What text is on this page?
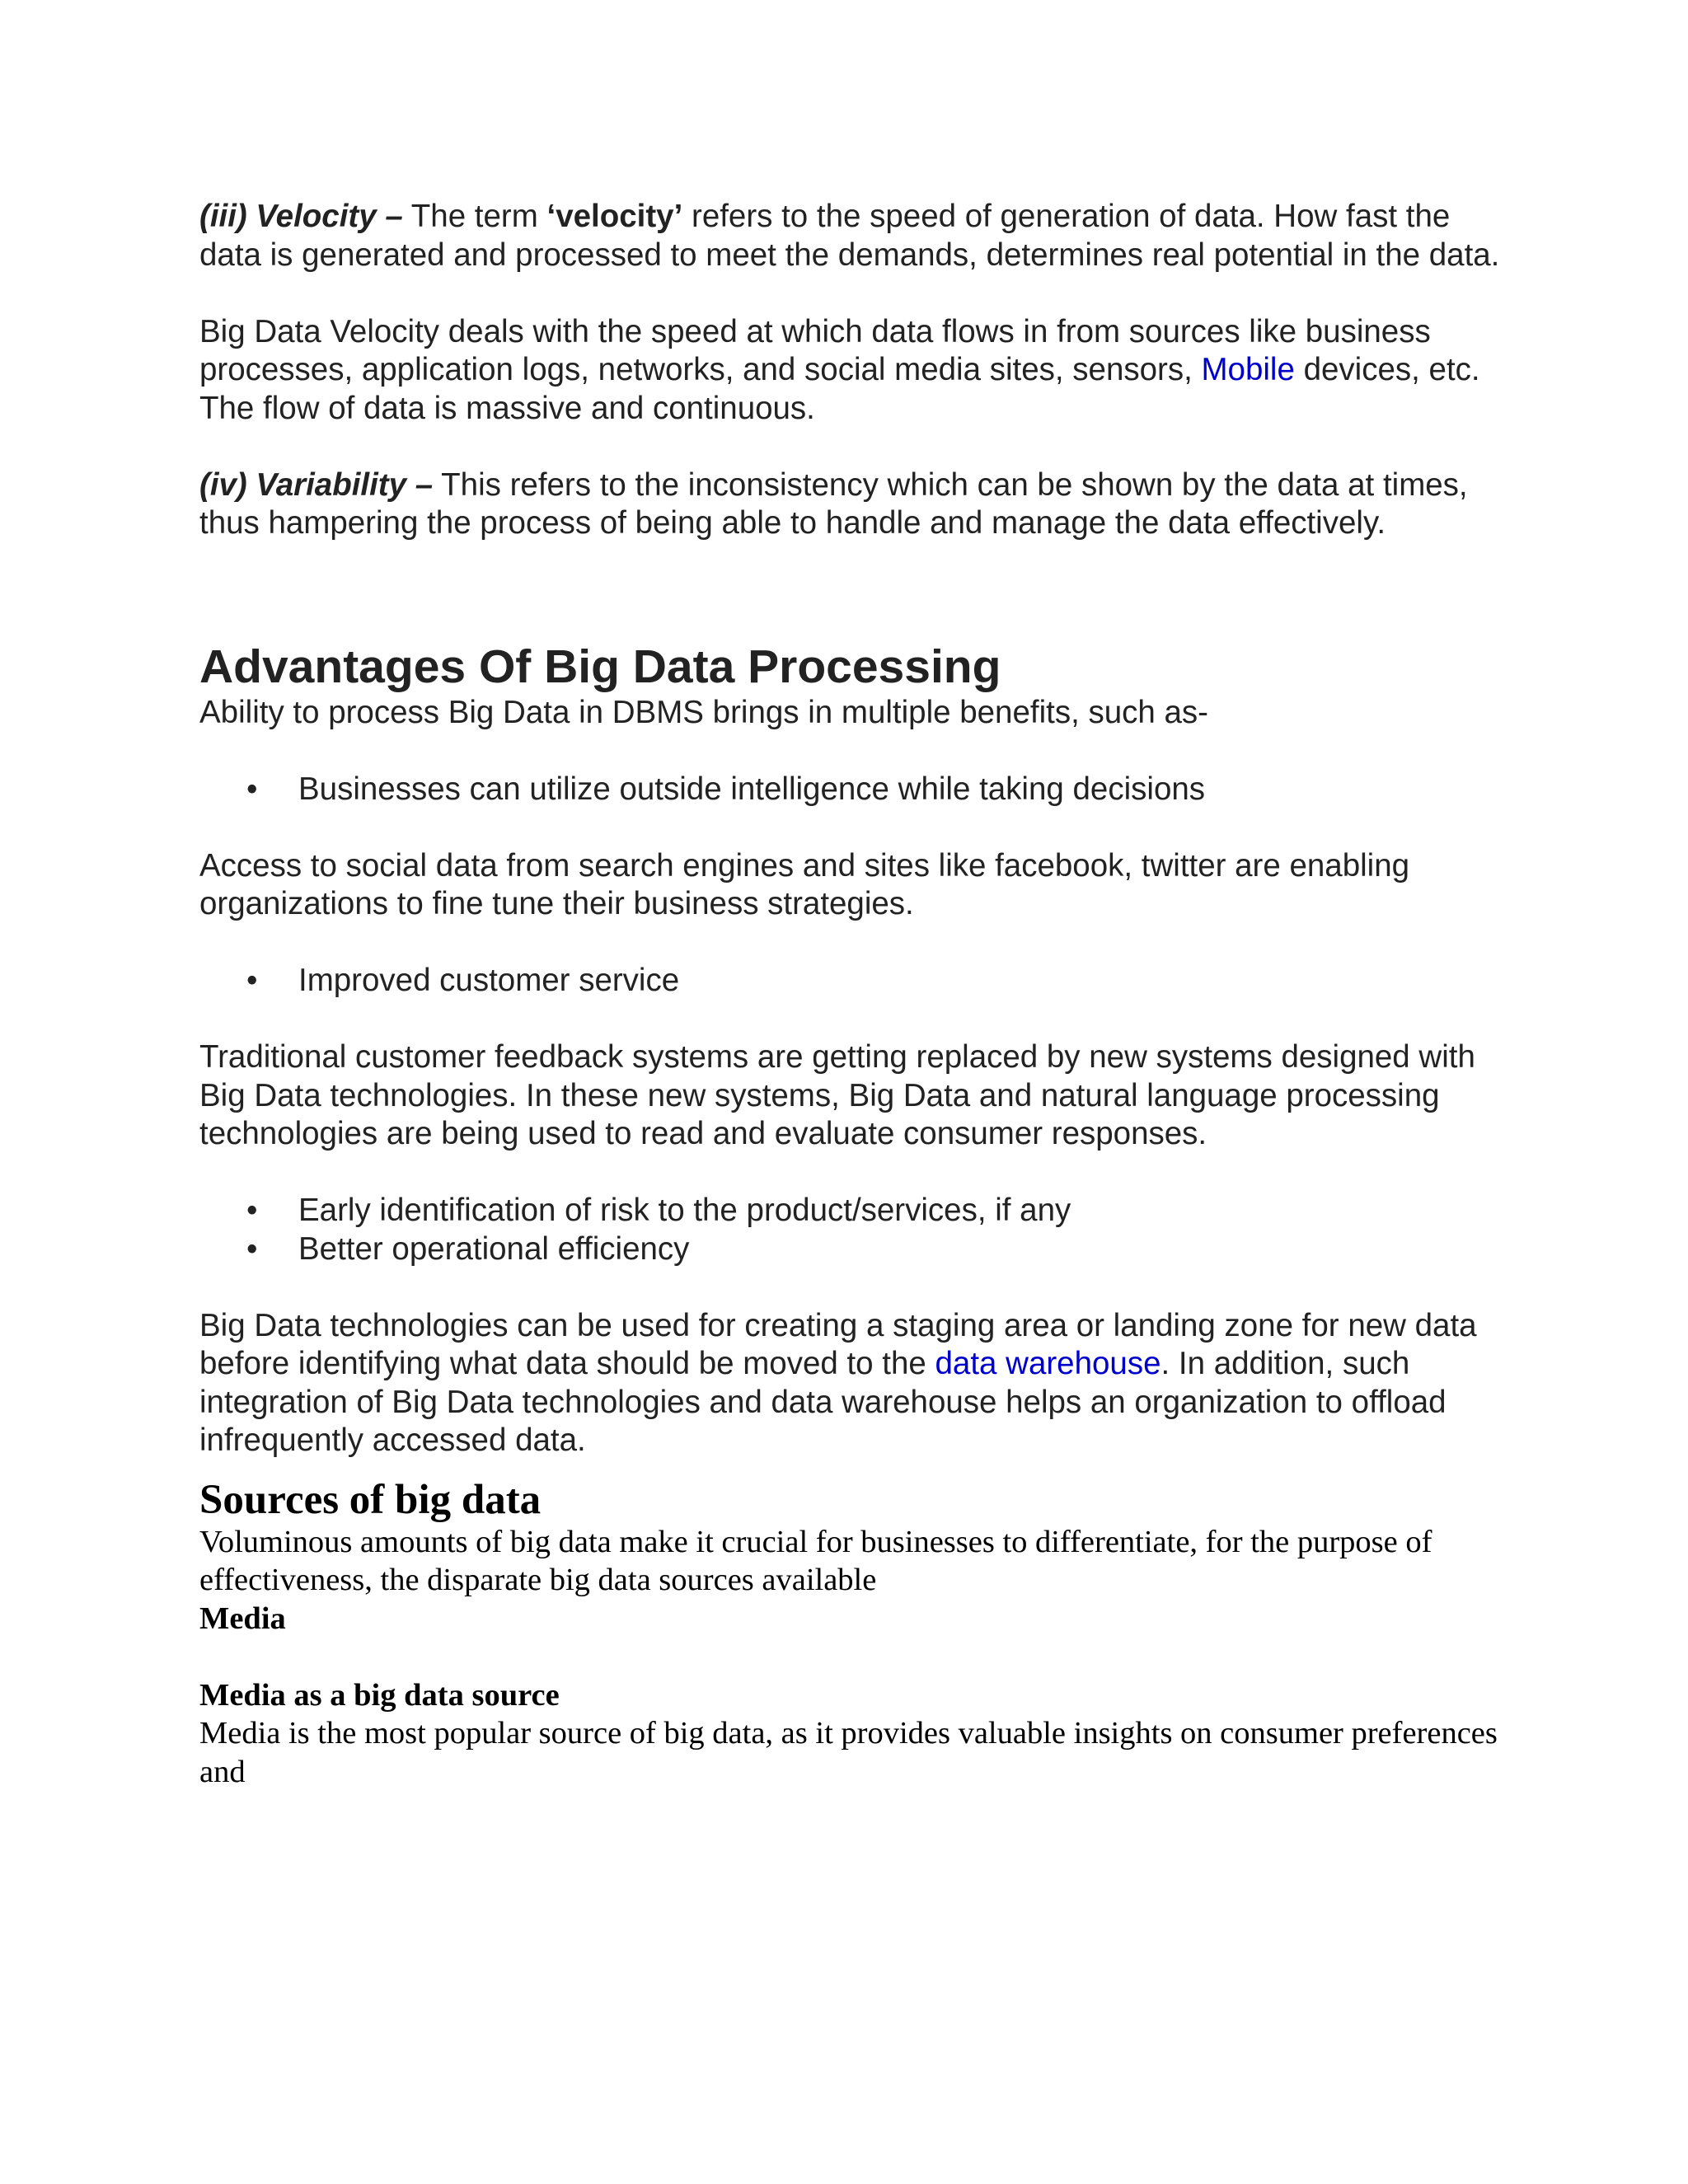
(iii) Velocity – The term ‘velocity’ refers to the speed of generation of data. How fast the data is generated and processed to meet the demands, determines real potential in the data.

Big Data Velocity deals with the speed at which data flows in from sources like business processes, application logs, networks, and social media sites, sensors, Mobile devices, etc. The flow of data is massive and continuous.

(iv) Variability – This refers to the inconsistency which can be shown by the data at times, thus hampering the process of being able to handle and manage the data effectively.

Advantages Of Big Data Processing

Ability to process Big Data in DBMS brings in multiple benefits, such as-

• Businesses can utilize outside intelligence while taking decisions

Access to social data from search engines and sites like facebook, twitter are enabling organizations to fine tune their business strategies.

• Improved customer service

Traditional customer feedback systems are getting replaced by new systems designed with Big Data technologies. In these new systems, Big Data and natural language processing technologies are being used to read and evaluate consumer responses.

• Early identification of risk to the product/services, if any
• Better operational efficiency

Big Data technologies can be used for creating a staging area or landing zone for new data before identifying what data should be moved to the data warehouse. In addition, such integration of Big Data technologies and data warehouse helps an organization to offload infrequently accessed data.

Sources of big data

Voluminous amounts of big data make it crucial for businesses to differentiate, for the purpose of effectiveness, the disparate big data sources available

Media

Media as a big data source

Media is the most popular source of big data, as it provides valuable insights on consumer preferences and
